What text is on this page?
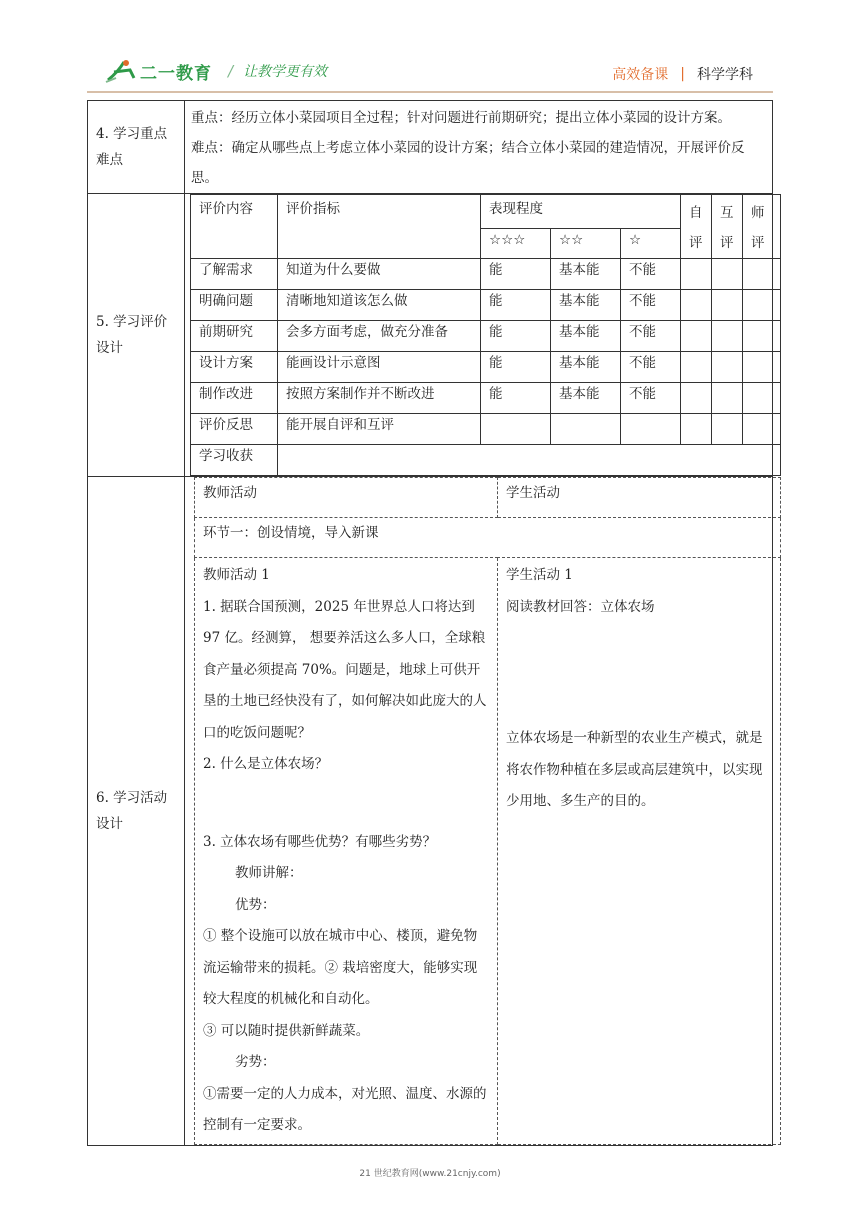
二一教育 / 让教学更有效	高效备课 | 科学学科
4. 学习重点难点	
重点：经历立体小菜园项目全过程；针对问题进行前期研究；提出立体小菜园的设计方案。
难点：确定从哪些点上考虑立体小菜园的设计方案；结合立体小菜园的建造情况，开展评价反思。

5. 学习评价设计	
评价内容	评价指标	表现程度	自评	互评	师评
☆☆☆	☆☆	☆
了解需求	知道为什么要做	能	基本能	不能			
明确问题	清晰地知道该怎么做	能	基本能	不能			
前期研究	会多方面考虑，做充分准备	能	基本能	不能			
设计方案	能画设计示意图	能	基本能	不能			
制作改进	按照方案制作并不断改进	能	基本能	不能			
评价反思	能开展自评和互评						
学习收获	

6. 学习活动设计	
教师活动	学生活动
环节一：创设情境，导入新课

教师活动 1
1. 据联合国预测，2025 年世界总人口将达到 97 亿。经测算， 想要养活这么多人口，全球粮食产量必须提高 70%。问题是，地球上可供开垦的土地已经快没有了，如何解决如此庞大的人口的吃饭问题呢？
2. 什么是立体农场？
3. 立体农场有哪些优势？有哪些劣势？
教师讲解：
优势：
① 整个设施可以放在城市中心、楼顶，避免物流运输带来的损耗。② 栽培密度大，能够实现较大程度的机械化和自动化。
③ 可以随时提供新鲜蔬菜。
劣势：
①需要一定的人力成本，对光照、温度、水源的控制有一定要求。

学生活动 1
阅读教材回答：立体农场
立体农场是一种新型的农业生产模式，就是将农作物种植在多层或高层建筑中，以实现少用地、多生产的目的。
21 世纪教育网(www.21cnjy.com)
